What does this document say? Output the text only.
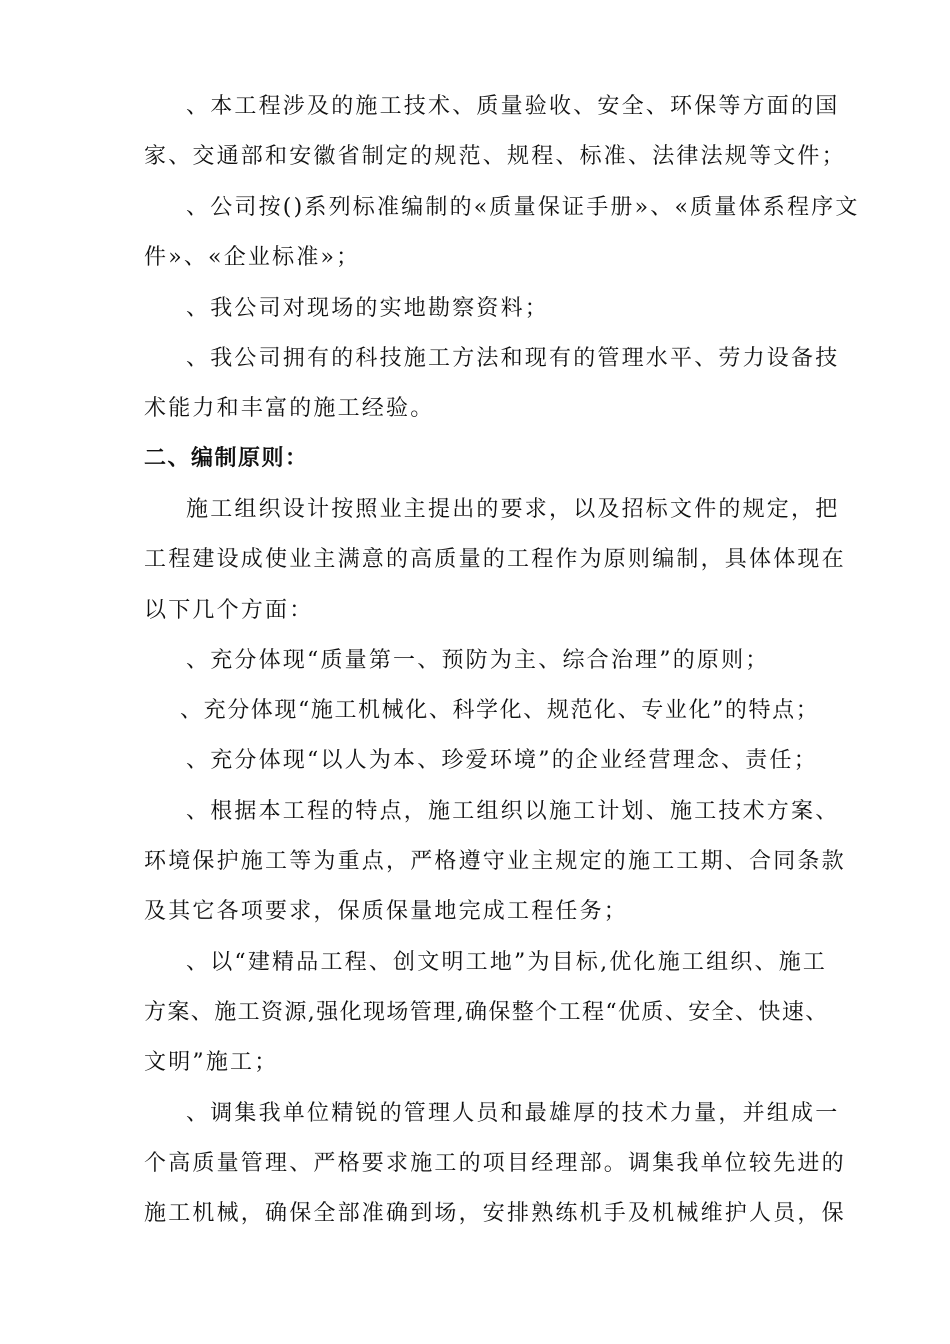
、本工程涉及的施工技术、质量验收、安全、环保等方面的国
家、交通部和安徽省制定的规范、规程、标准、法律法规等文件；
、公司按()系列标准编制的«质量保证手册»、«质量体系程序文
件»、«企业标准»；
、我公司对现场的实地勘察资料；
、我公司拥有的科技施工方法和现有的管理水平、劳力设备技
术能力和丰富的施工经验。
二、编制原则：
施工组织设计按照业主提出的要求，以及招标文件的规定，把
工程建设成使业主满意的高质量的工程作为原则编制，具体体现在
以下几个方面：
、充分体现“质量第一、预防为主、综合治理”的原则；
、充分体现“施工机械化、科学化、规范化、专业化”的特点；
、充分体现“以人为本、珍爱环境”的企业经营理念、责任；
、根据本工程的特点，施工组织以施工计划、施工技术方案、
环境保护施工等为重点，严格遵守业主规定的施工工期、合同条款
及其它各项要求，保质保量地完成工程任务；
、以“建精品工程、创文明工地”为目标,优化施工组织、施工
方案、施工资源,强化现场管理,确保整个工程“优质、安全、快速、
文明”施工；
、调集我单位精锐的管理人员和最雄厚的技术力量，并组成一
个高质量管理、严格要求施工的项目经理部。调集我单位较先进的
施工机械，确保全部准确到场，安排熟练机手及机械维护人员，保
